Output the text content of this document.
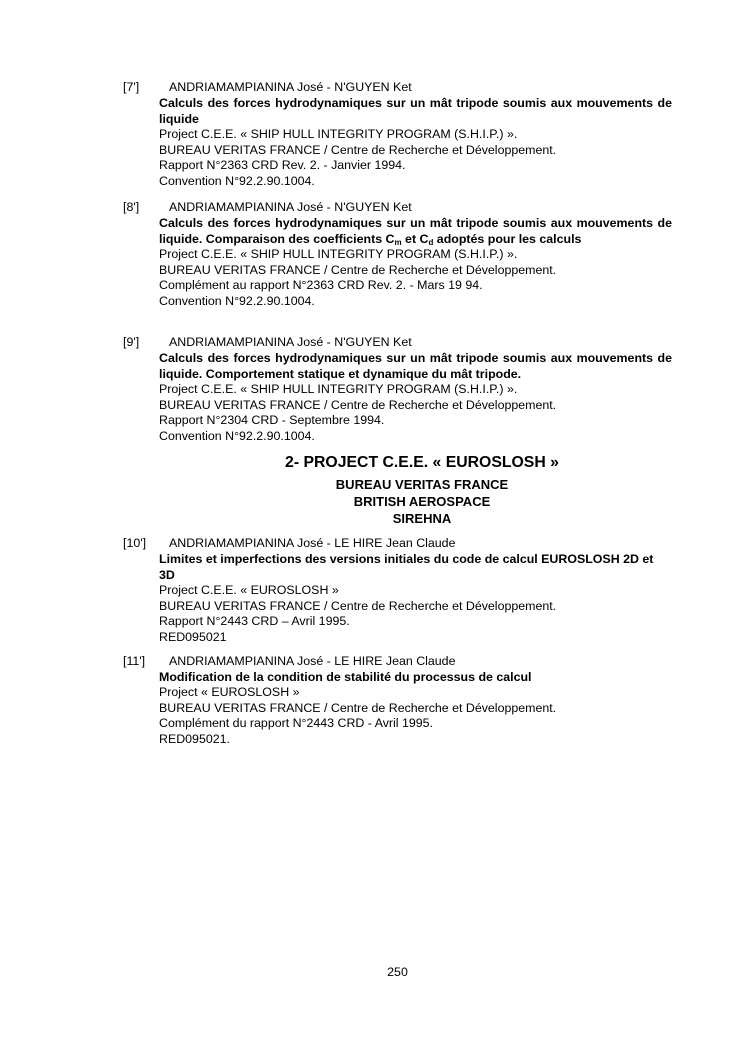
[7'] ANDRIAMAMPIANINA José - N'GUYEN Ket
Calculs des forces hydrodynamiques sur un mât tripode soumis aux mouvements de liquide
Project C.E.E. « SHIP HULL INTEGRITY PROGRAM (S.H.I.P.) ».
BUREAU VERITAS FRANCE / Centre de Recherche et Développement.
Rapport N°2363 CRD Rev. 2. - Janvier 1994.
Convention N°92.2.90.1004.
[8'] ANDRIAMAMPIANINA José - N'GUYEN Ket
Calculs des forces hydrodynamiques sur un mât tripode soumis aux mouvements de liquide. Comparaison des coefficients $C_m$ et $C_d$ adoptés pour les calculs
Project C.E.E. « SHIP HULL INTEGRITY PROGRAM (S.H.I.P.) ».
BUREAU VERITAS FRANCE / Centre de Recherche et Développement.
Complément au rapport N°2363 CRD Rev. 2. - Mars 19 94.
Convention N°92.2.90.1004.
[9'] ANDRIAMAMPIANINA José - N'GUYEN Ket
Calculs des forces hydrodynamiques sur un mât tripode soumis aux mouvements de liquide. Comportement statique et dynamique du mât tripode.
Project C.E.E. « SHIP HULL INTEGRITY PROGRAM (S.H.I.P.) ».
BUREAU VERITAS FRANCE / Centre de Recherche et Développement.
Rapport N°2304 CRD - Septembre 1994.
Convention N°92.2.90.1004.
2- PROJECT C.E.E. « EUROSLOSH »
BUREAU VERITAS FRANCE
BRITISH AEROSPACE
SIREHNA
[10'] ANDRIAMAMPIANINA José - LE HIRE Jean Claude
Limites et imperfections des versions initiales du code de calcul EUROSLOSH 2D et 3D
Project C.E.E. « EUROSLOSH »
BUREAU VERITAS FRANCE / Centre de Recherche et Développement.
Rapport N°2443 CRD – Avril 1995.
RED095021
[11'] ANDRIAMAMPIANINA José - LE HIRE Jean Claude
Modification de la condition de stabilité du processus de calcul
Project « EUROSLOSH »
BUREAU VERITAS FRANCE / Centre de Recherche et Développement.
Complément du rapport N°2443 CRD - Avril 1995.
RED095021.
250
